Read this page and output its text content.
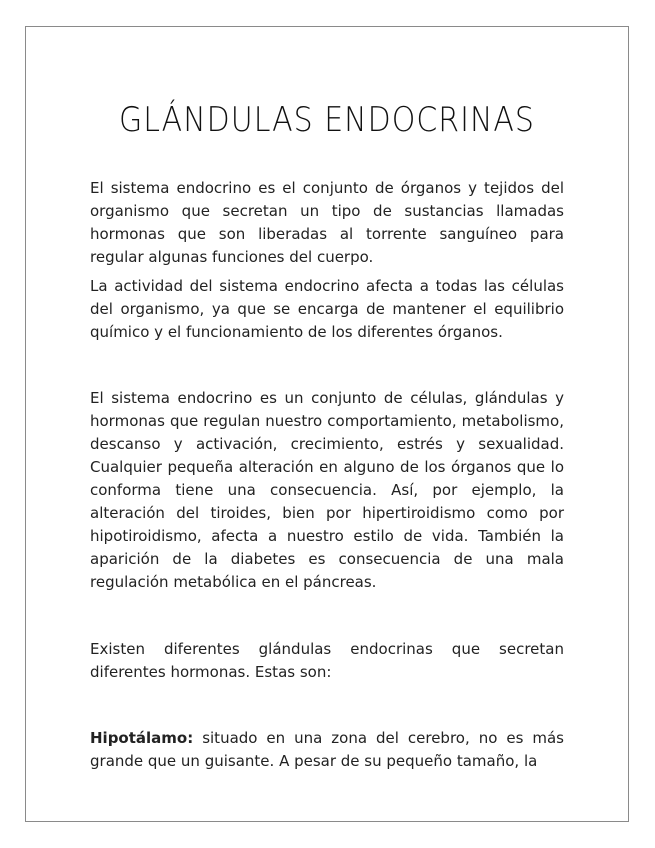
GLÁNDULAS ENDOCRINAS

El sistema endocrino es el conjunto de órganos y tejidos del organismo que secretan un tipo de sustancias llamadas hormonas que son liberadas al torrente sanguíneo para regular algunas funciones del cuerpo.

La actividad del sistema endocrino afecta a todas las células del organismo, ya que se encarga de mantener el equilibrio químico y el funcionamiento de los diferentes órganos.

El sistema endocrino es un conjunto de células, glándulas y hormonas que regulan nuestro comportamiento, metabolismo, descanso y activación, crecimiento, estrés y sexualidad. Cualquier pequeña alteración en alguno de los órganos que lo conforma tiene una consecuencia. Así, por ejemplo, la alteración del tiroides, bien por hipertiroidismo como por hipotiroidismo, afecta a nuestro estilo de vida. También la aparición de la diabetes es consecuencia de una mala regulación metabólica en el páncreas.

Existen diferentes glándulas endocrinas que secretan diferentes hormonas. Estas son:

Hipotálamo: situado en una zona del cerebro, no es más grande que un guisante. A pesar de su pequeño tamaño, la
